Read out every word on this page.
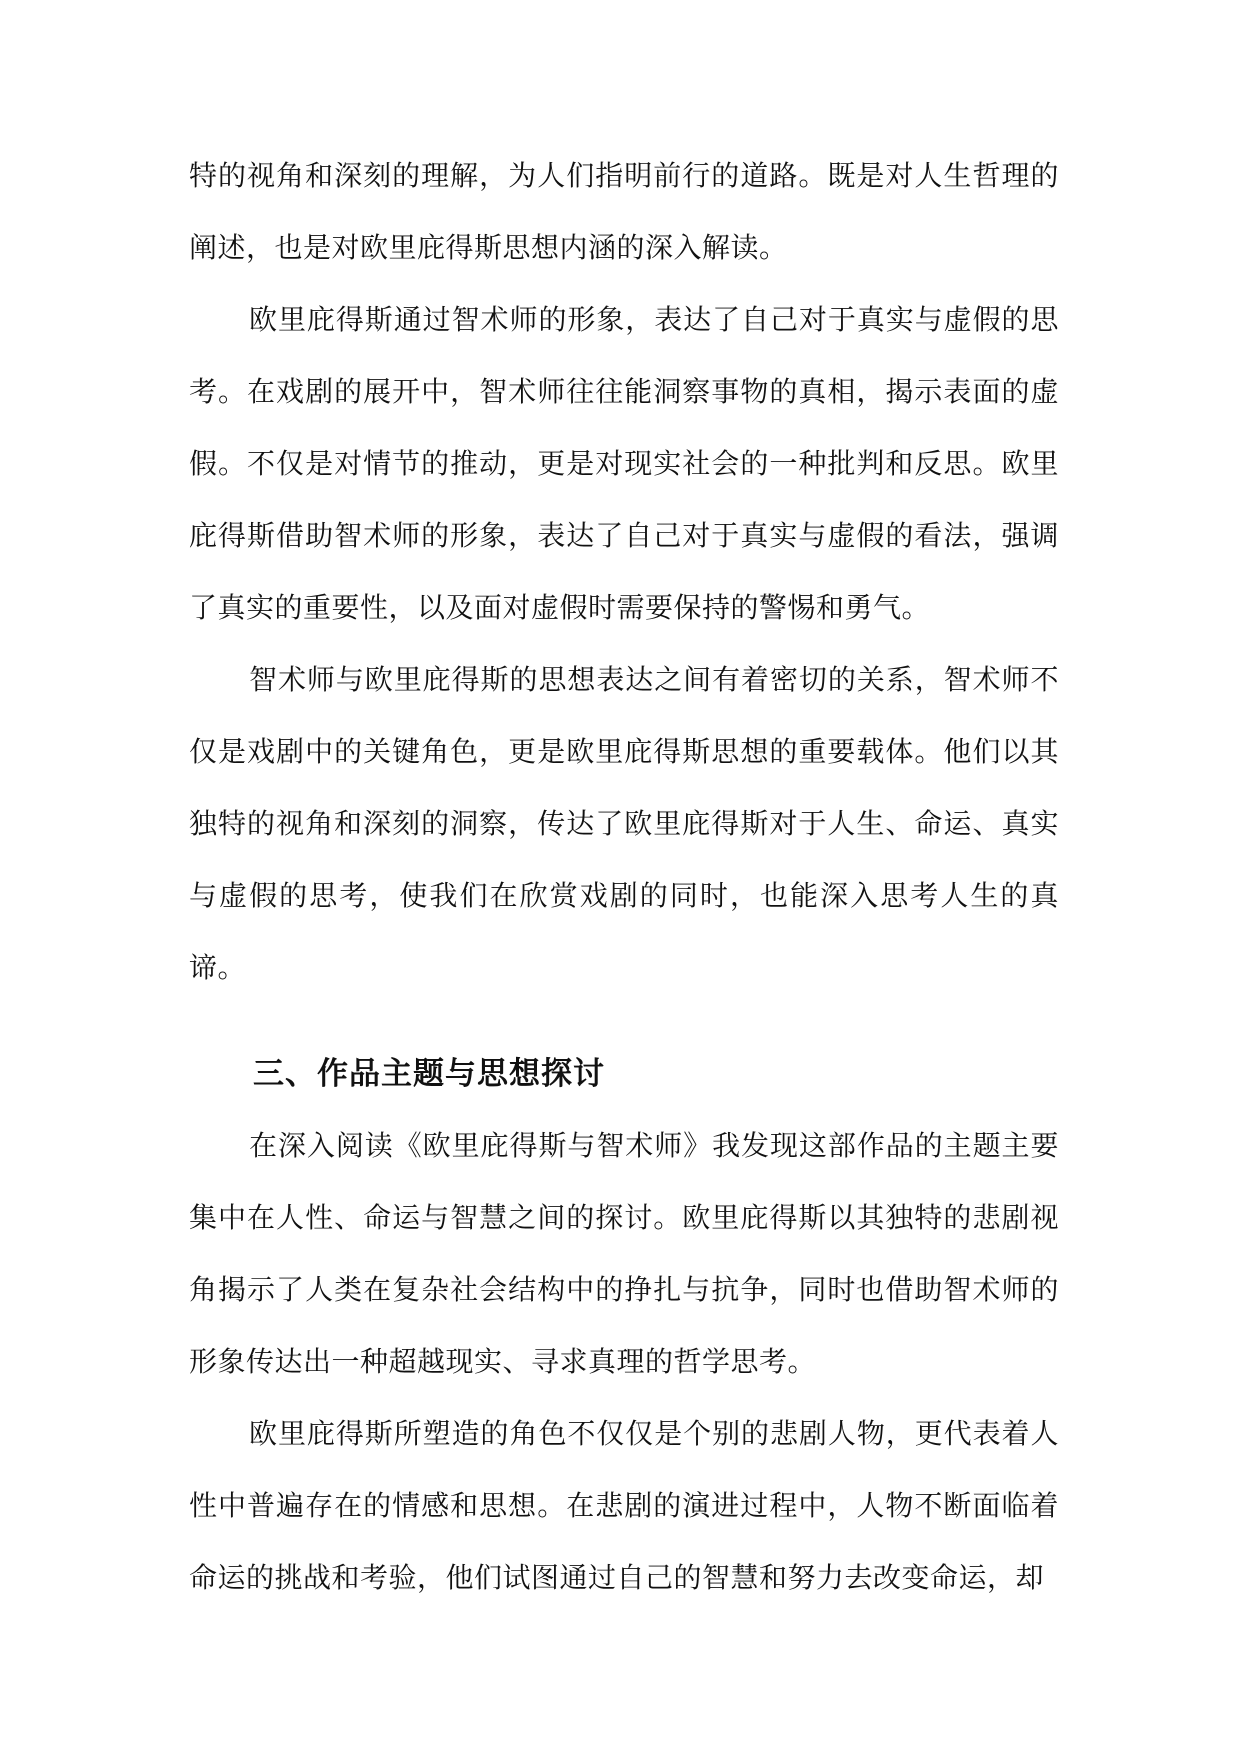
特的视角和深刻的理解，为人们指明前行的道路。既是对人生哲理的阐述，也是对欧里庇得斯思想内涵的深入解读。

欧里庇得斯通过智术师的形象，表达了自己对于真实与虚假的思考。在戏剧的展开中，智术师往往能洞察事物的真相，揭示表面的虚假。不仅是对情节的推动，更是对现实社会的一种批判和反思。欧里庇得斯借助智术师的形象，表达了自己对于真实与虚假的看法，强调了真实的重要性，以及面对虚假时需要保持的警惕和勇气。

智术师与欧里庇得斯的思想表达之间有着密切的关系，智术师不仅是戏剧中的关键角色，更是欧里庇得斯思想的重要载体。他们以其独特的视角和深刻的洞察，传达了欧里庇得斯对于人生、命运、真实与虚假的思考，使我们在欣赏戏剧的同时，也能深入思考人生的真谛。

三、作品主题与思想探讨

在深入阅读《欧里庇得斯与智术师》我发现这部作品的主题主要集中在人性、命运与智慧之间的探讨。欧里庇得斯以其独特的悲剧视角揭示了人类在复杂社会结构中的挣扎与抗争，同时也借助智术师的形象传达出一种超越现实、寻求真理的哲学思考。

欧里庇得斯所塑造的角色不仅仅是个别的悲剧人物，更代表着人性中普遍存在的情感和思想。在悲剧的演进过程中，人物不断面临着命运的挑战和考验，他们试图通过自己的智慧和努力去改变命运，却
